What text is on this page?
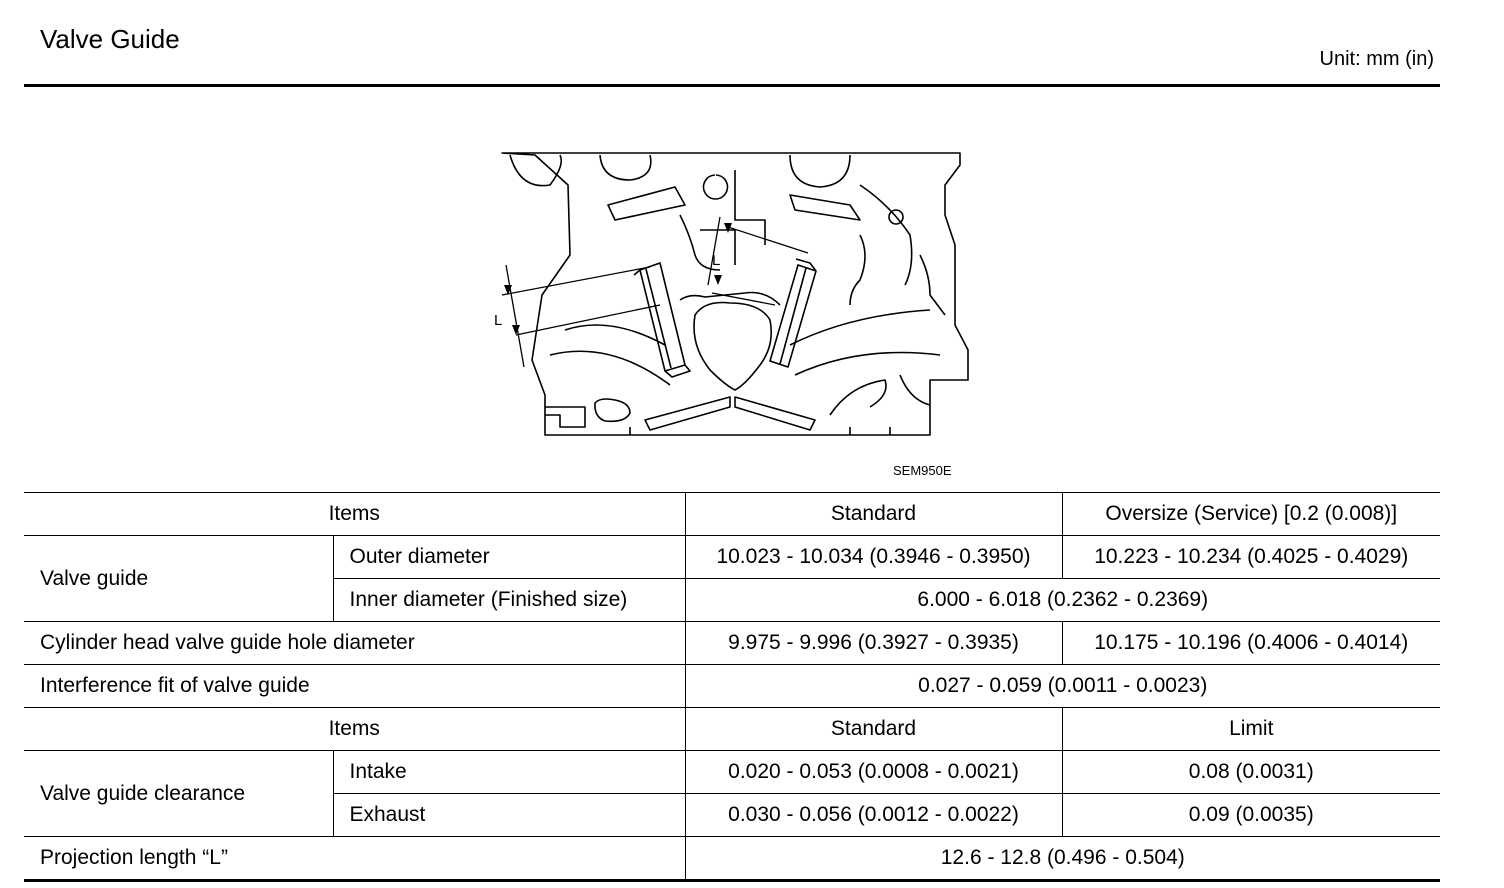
Valve Guide
Unit: mm (in)
L
L
SEM950E
Items		Standard	Oversize (Service) [0.2 (0.008)]
Valve guide	Outer diameter	10.023 - 10.034 (0.3946 - 0.3950)	10.223 - 10.234 (0.4025 - 0.4029)
	Inner diameter (Finished size)	6.000 - 6.018 (0.2362 - 0.2369)	
Cylinder head valve guide hole diameter		9.975 - 9.996 (0.3927 - 0.3935)	10.175 - 10.196 (0.4006 - 0.4014)
Interference fit of valve guide		0.027 - 0.059 (0.0011 - 0.0023)	
Items		Standard	Limit
Valve guide clearance	Intake	0.020 - 0.053 (0.0008 - 0.0021)	0.08 (0.0031)
	Exhaust	0.030 - 0.056 (0.0012 - 0.0022)	0.09 (0.0035)
Projection length “L”		12.6 - 12.8 (0.496 - 0.504)	
